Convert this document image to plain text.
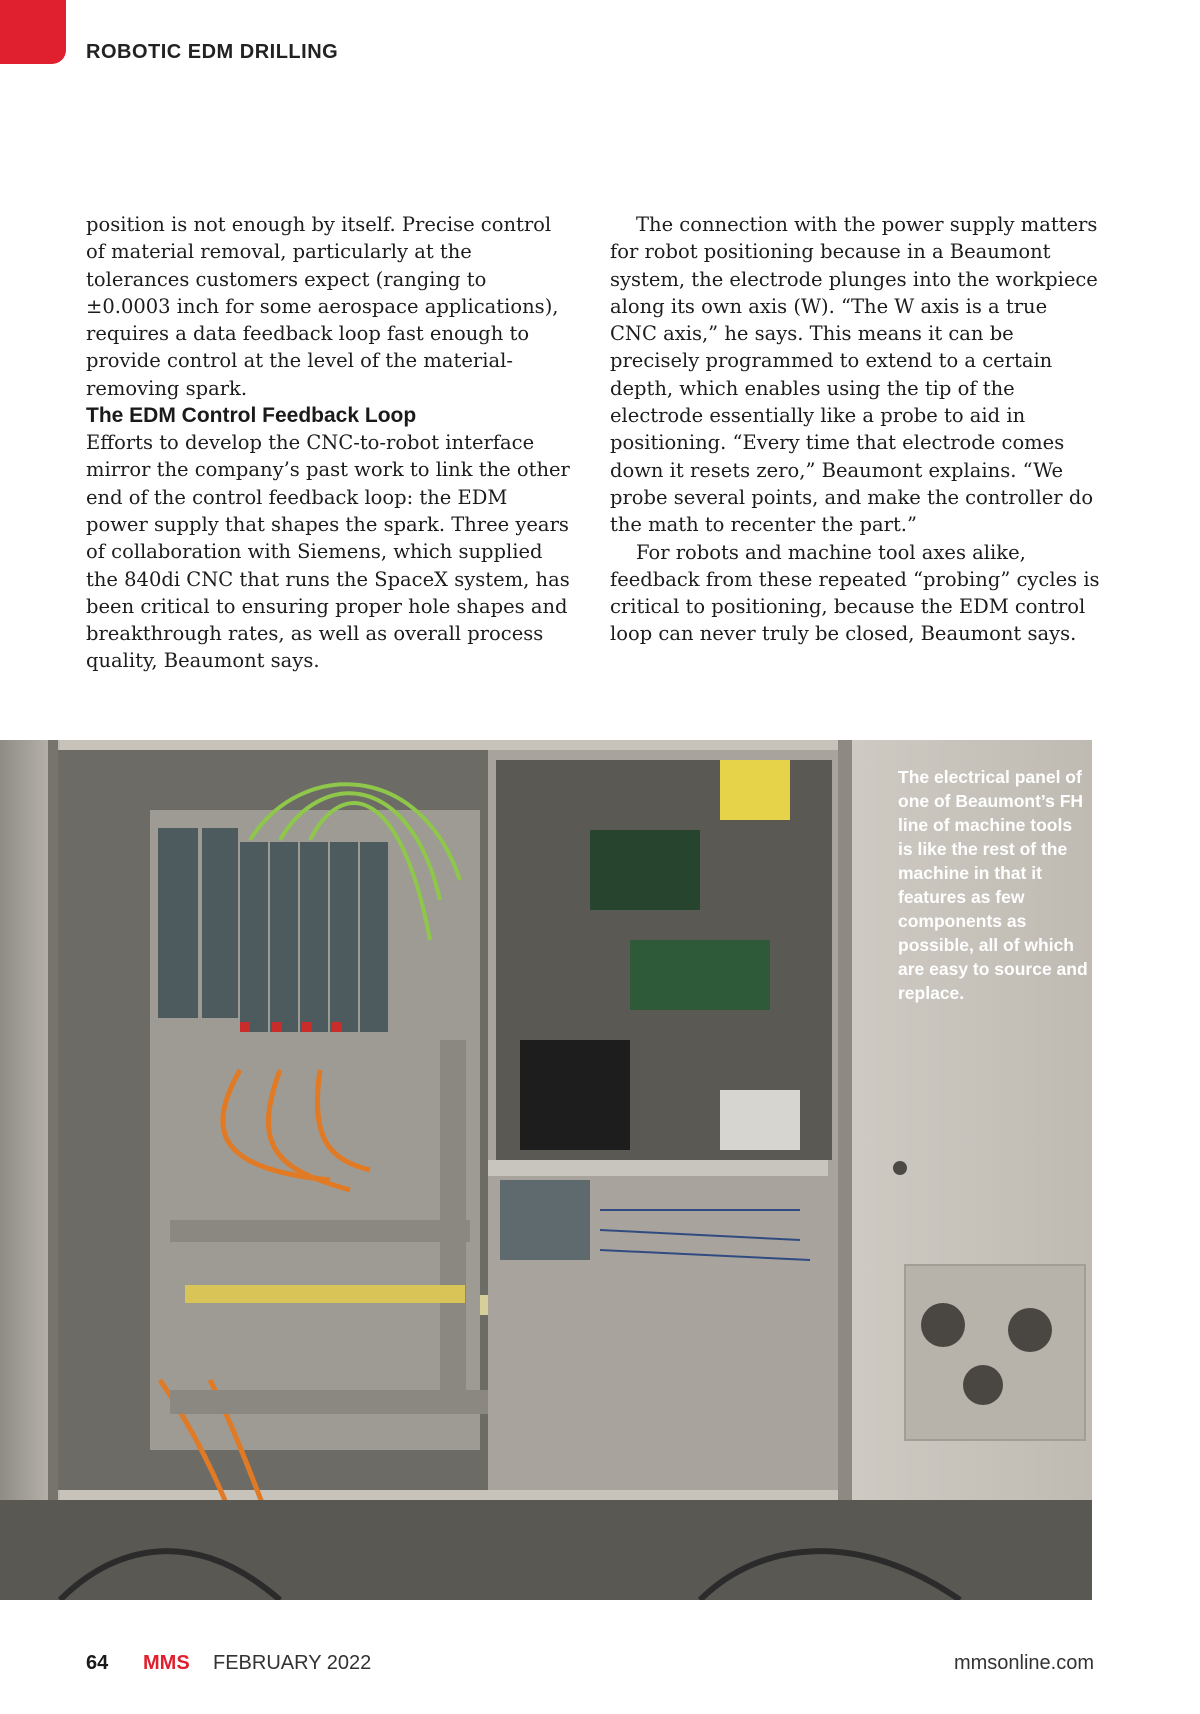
ROBOTIC EDM DRILLING

position is not enough by itself. Precise control of material removal, particularly at the tolerances customers expect (ranging to ±0.0003 inch for some aerospace applications), requires a data feedback loop fast enough to provide control at the level of the material-removing spark.

The EDM Control Feedback Loop

Efforts to develop the CNC-to-robot interface mirror the company’s past work to link the other end of the control feedback loop: the EDM power supply that shapes the spark. Three years of collaboration with Siemens, which supplied the 840di CNC that runs the SpaceX system, has been critical to ensuring proper hole shapes and breakthrough rates, as well as overall process quality, Beaumont says.

The connection with the power supply matters for robot positioning because in a Beaumont system, the electrode plunges into the workpiece along its own axis (W). “The W axis is a true CNC axis,” he says. This means it can be precisely programmed to extend to a certain depth, which enables using the tip of the electrode essentially like a probe to aid in positioning. “Every time that electrode comes down it resets zero,” Beaumont explains. “We probe several points, and make the controller do the math to recenter the part.”

For robots and machine tool axes alike, feedback from these repeated “probing” cycles is critical to positioning, because the EDM control loop can never truly be closed, Beaumont says.

The electrical panel of one of Beaumont’s FH line of machine tools is like the rest of the machine in that it features as few components as possible, all of which are easy to source and replace.
64 MMS FEBRUARY 2022	mmsonline.com
